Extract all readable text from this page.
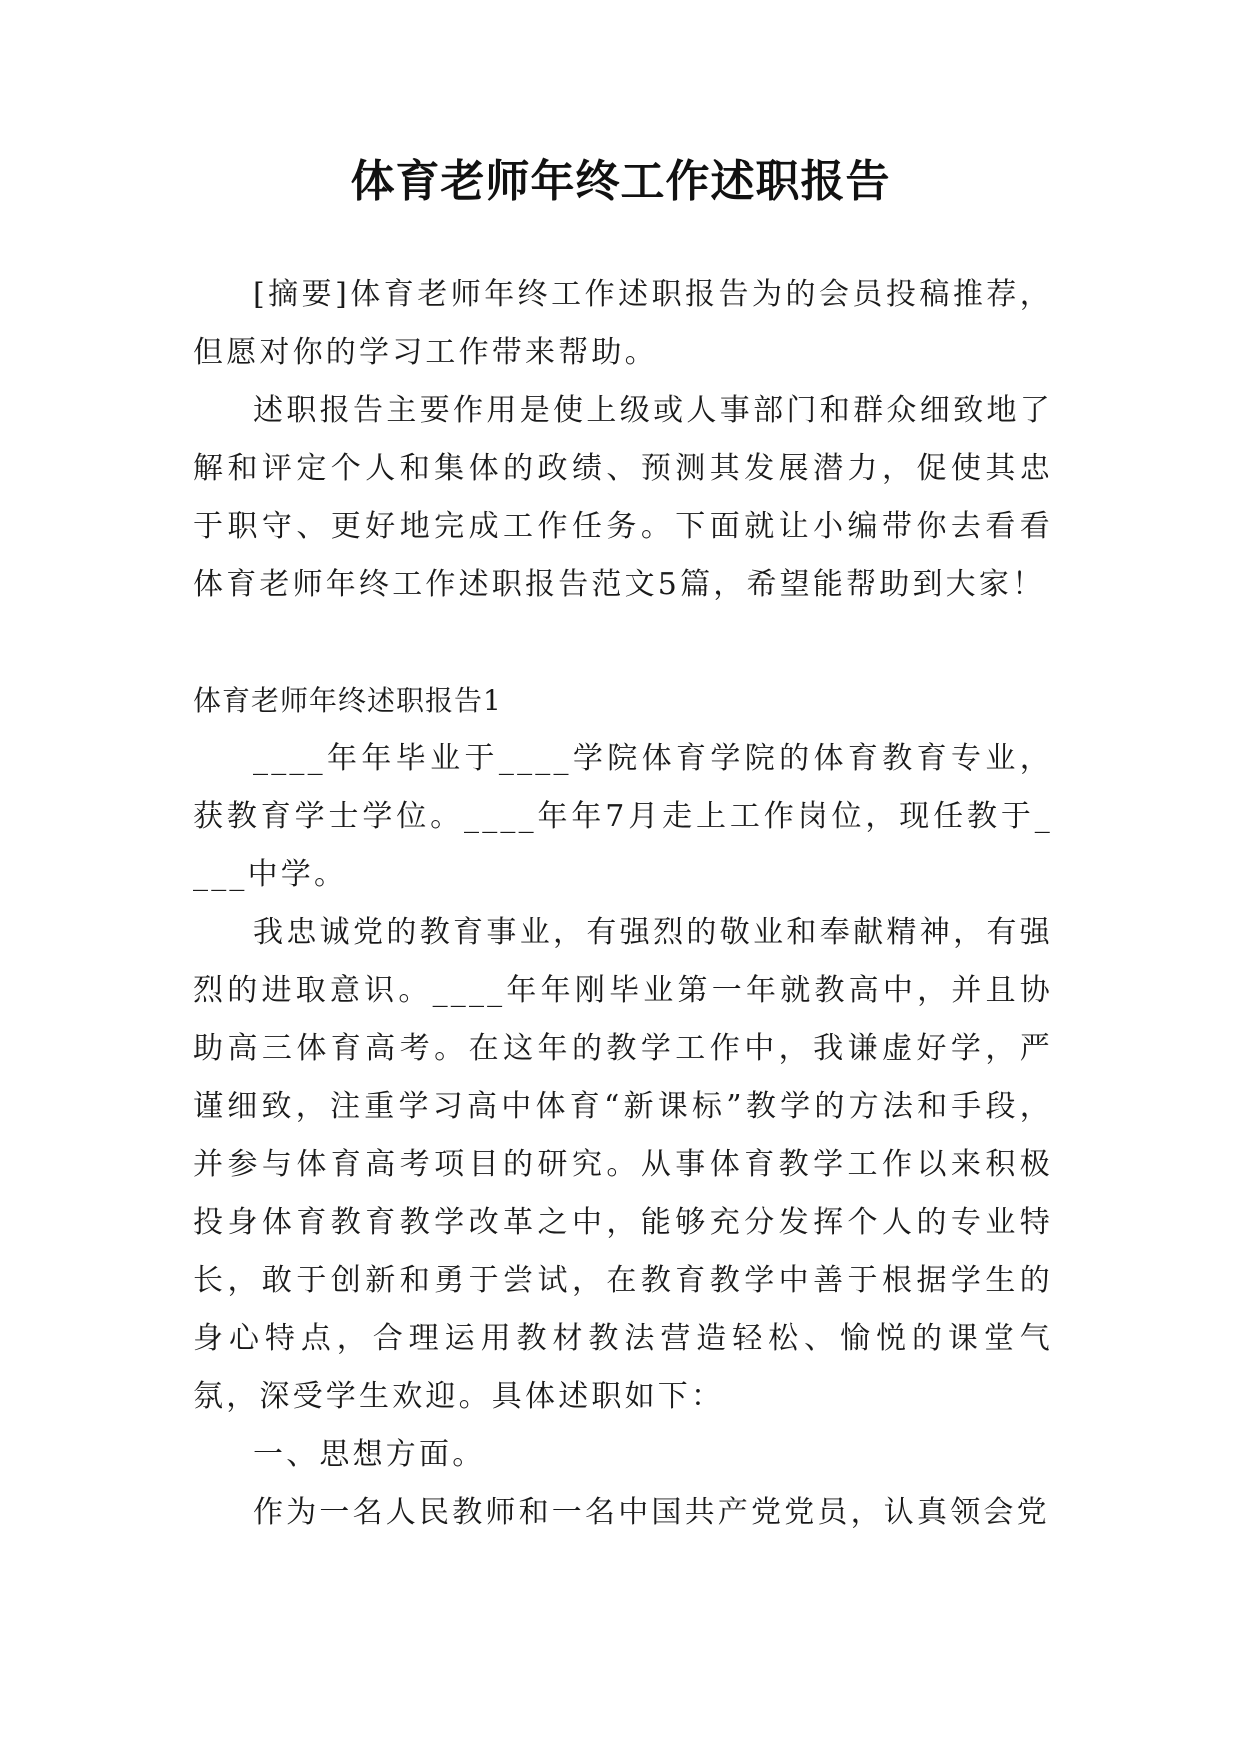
体育老师年终工作述职报告

[摘要]体育老师年终工作述职报告为的会员投稿推荐，但愿对你的学习工作带来帮助。

述职报告主要作用是使上级或人事部门和群众细致地了解和评定个人和集体的政绩、预测其发展潜力，促使其忠于职守、更好地完成工作任务。下面就让小编带你去看看体育老师年终工作述职报告范文5篇，希望能帮助到大家！

体育老师年终述职报告1

____年年毕业于____学院体育学院的体育教育专业，获教育学士学位。____年年7月走上工作岗位，现任教于____中学。

我忠诚党的教育事业，有强烈的敬业和奉献精神，有强烈的进取意识。____年年刚毕业第一年就教高中，并且协助高三体育高考。在这年的教学工作中，我谦虚好学，严谨细致，注重学习高中体育“新课标”教学的方法和手段，并参与体育高考项目的研究。从事体育教学工作以来积极投身体育教育教学改革之中，能够充分发挥个人的专业特长，敢于创新和勇于尝试，在教育教学中善于根据学生的身心特点，合理运用教材教法营造轻松、愉悦的课堂气氛，深受学生欢迎。具体述职如下：

一、思想方面。

作为一名人民教师和一名中国共产党党员，认真领会党
